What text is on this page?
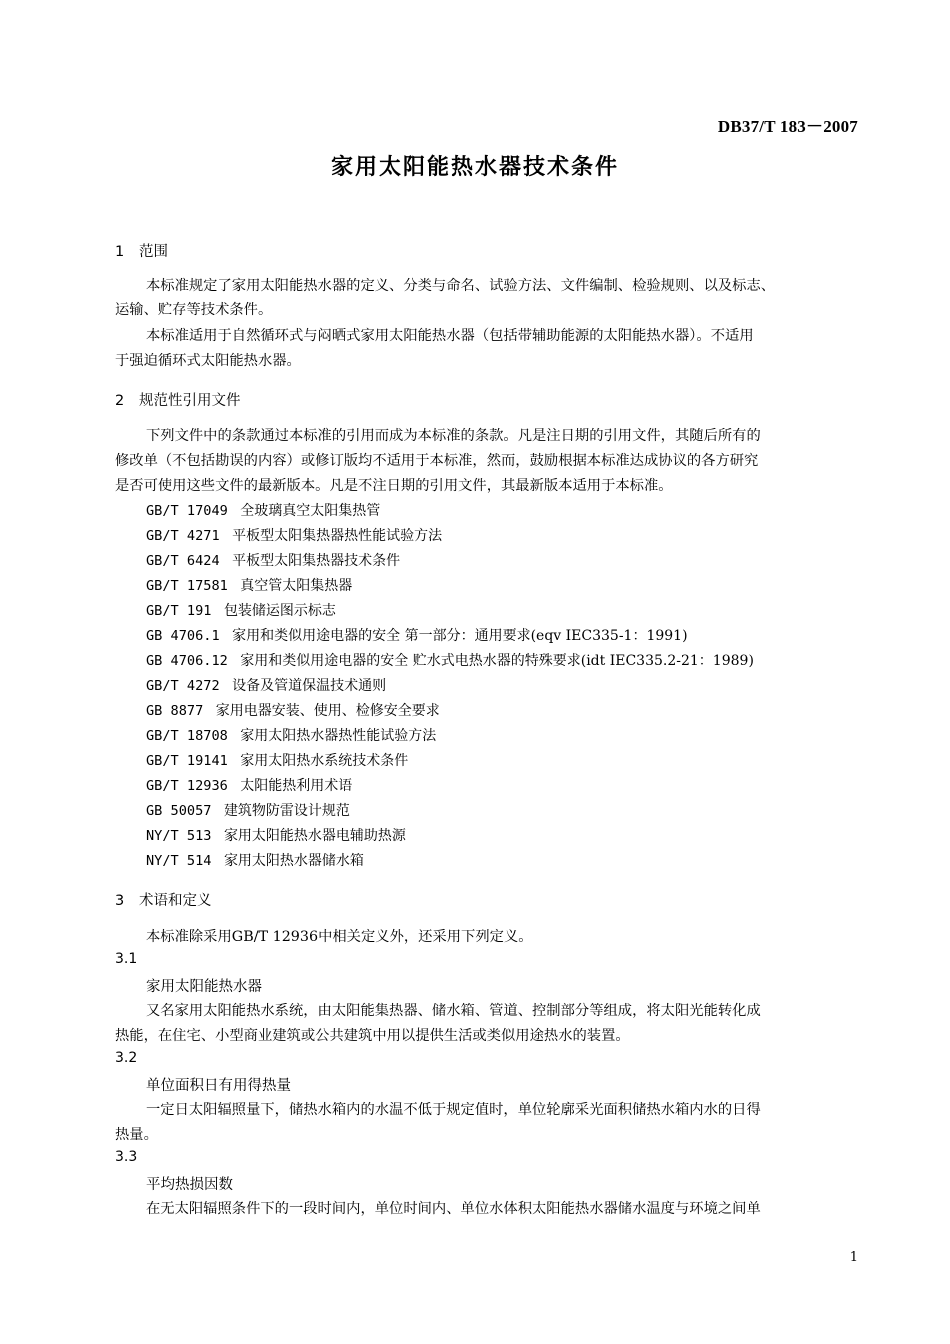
DB37/T 183－2007
家用太阳能热水器技术条件
1 范围
本标准规定了家用太阳能热水器的定义、分类与命名、试验方法、文件编制、检验规则、以及标志、
运输、贮存等技术条件。
本标准适用于自然循环式与闷晒式家用太阳能热水器（包括带辅助能源的太阳能热水器）。不适用
于强迫循环式太阳能热水器。
2 规范性引用文件
下列文件中的条款通过本标准的引用而成为本标准的条款。凡是注日期的引用文件，其随后所有的
修改单（不包括勘误的内容）或修订版均不适用于本标准，然而，鼓励根据本标准达成协议的各方研究
是否可使用这些文件的最新版本。凡是不注日期的引用文件，其最新版本适用于本标准。
GB/T 17049 全玻璃真空太阳集热管
GB/T 4271 平板型太阳集热器热性能试验方法
GB/T 6424 平板型太阳集热器技术条件
GB/T 17581 真空管太阳集热器
GB/T 191 包装储运图示标志
GB 4706.1 家用和类似用途电器的安全 第一部分：通用要求(eqv IEC335-1：1991)
GB 4706.12 家用和类似用途电器的安全 贮水式电热水器的特殊要求(idt IEC335.2-21：1989)
GB/T 4272 设备及管道保温技术通则
GB 8877 家用电器安装、使用、检修安全要求
GB/T 18708 家用太阳热水器热性能试验方法
GB/T 19141 家用太阳热水系统技术条件
GB/T 12936 太阳能热利用术语
GB 50057 建筑物防雷设计规范
NY/T 513 家用太阳能热水器电辅助热源
NY/T 514 家用太阳热水器储水箱
3 术语和定义
本标准除采用GB/T 12936中相关定义外，还采用下列定义。
3.1
家用太阳能热水器
又名家用太阳能热水系统，由太阳能集热器、储水箱、管道、控制部分等组成，将太阳光能转化成
热能，在住宅、小型商业建筑或公共建筑中用以提供生活或类似用途热水的装置。
3.2
单位面积日有用得热量
一定日太阳辐照量下，储热水箱内的水温不低于规定值时，单位轮廓采光面积储热水箱内水的日得
热量。
3.3
平均热损因数
在无太阳辐照条件下的一段时间内，单位时间内、单位水体积太阳能热水器储水温度与环境之间单
1
